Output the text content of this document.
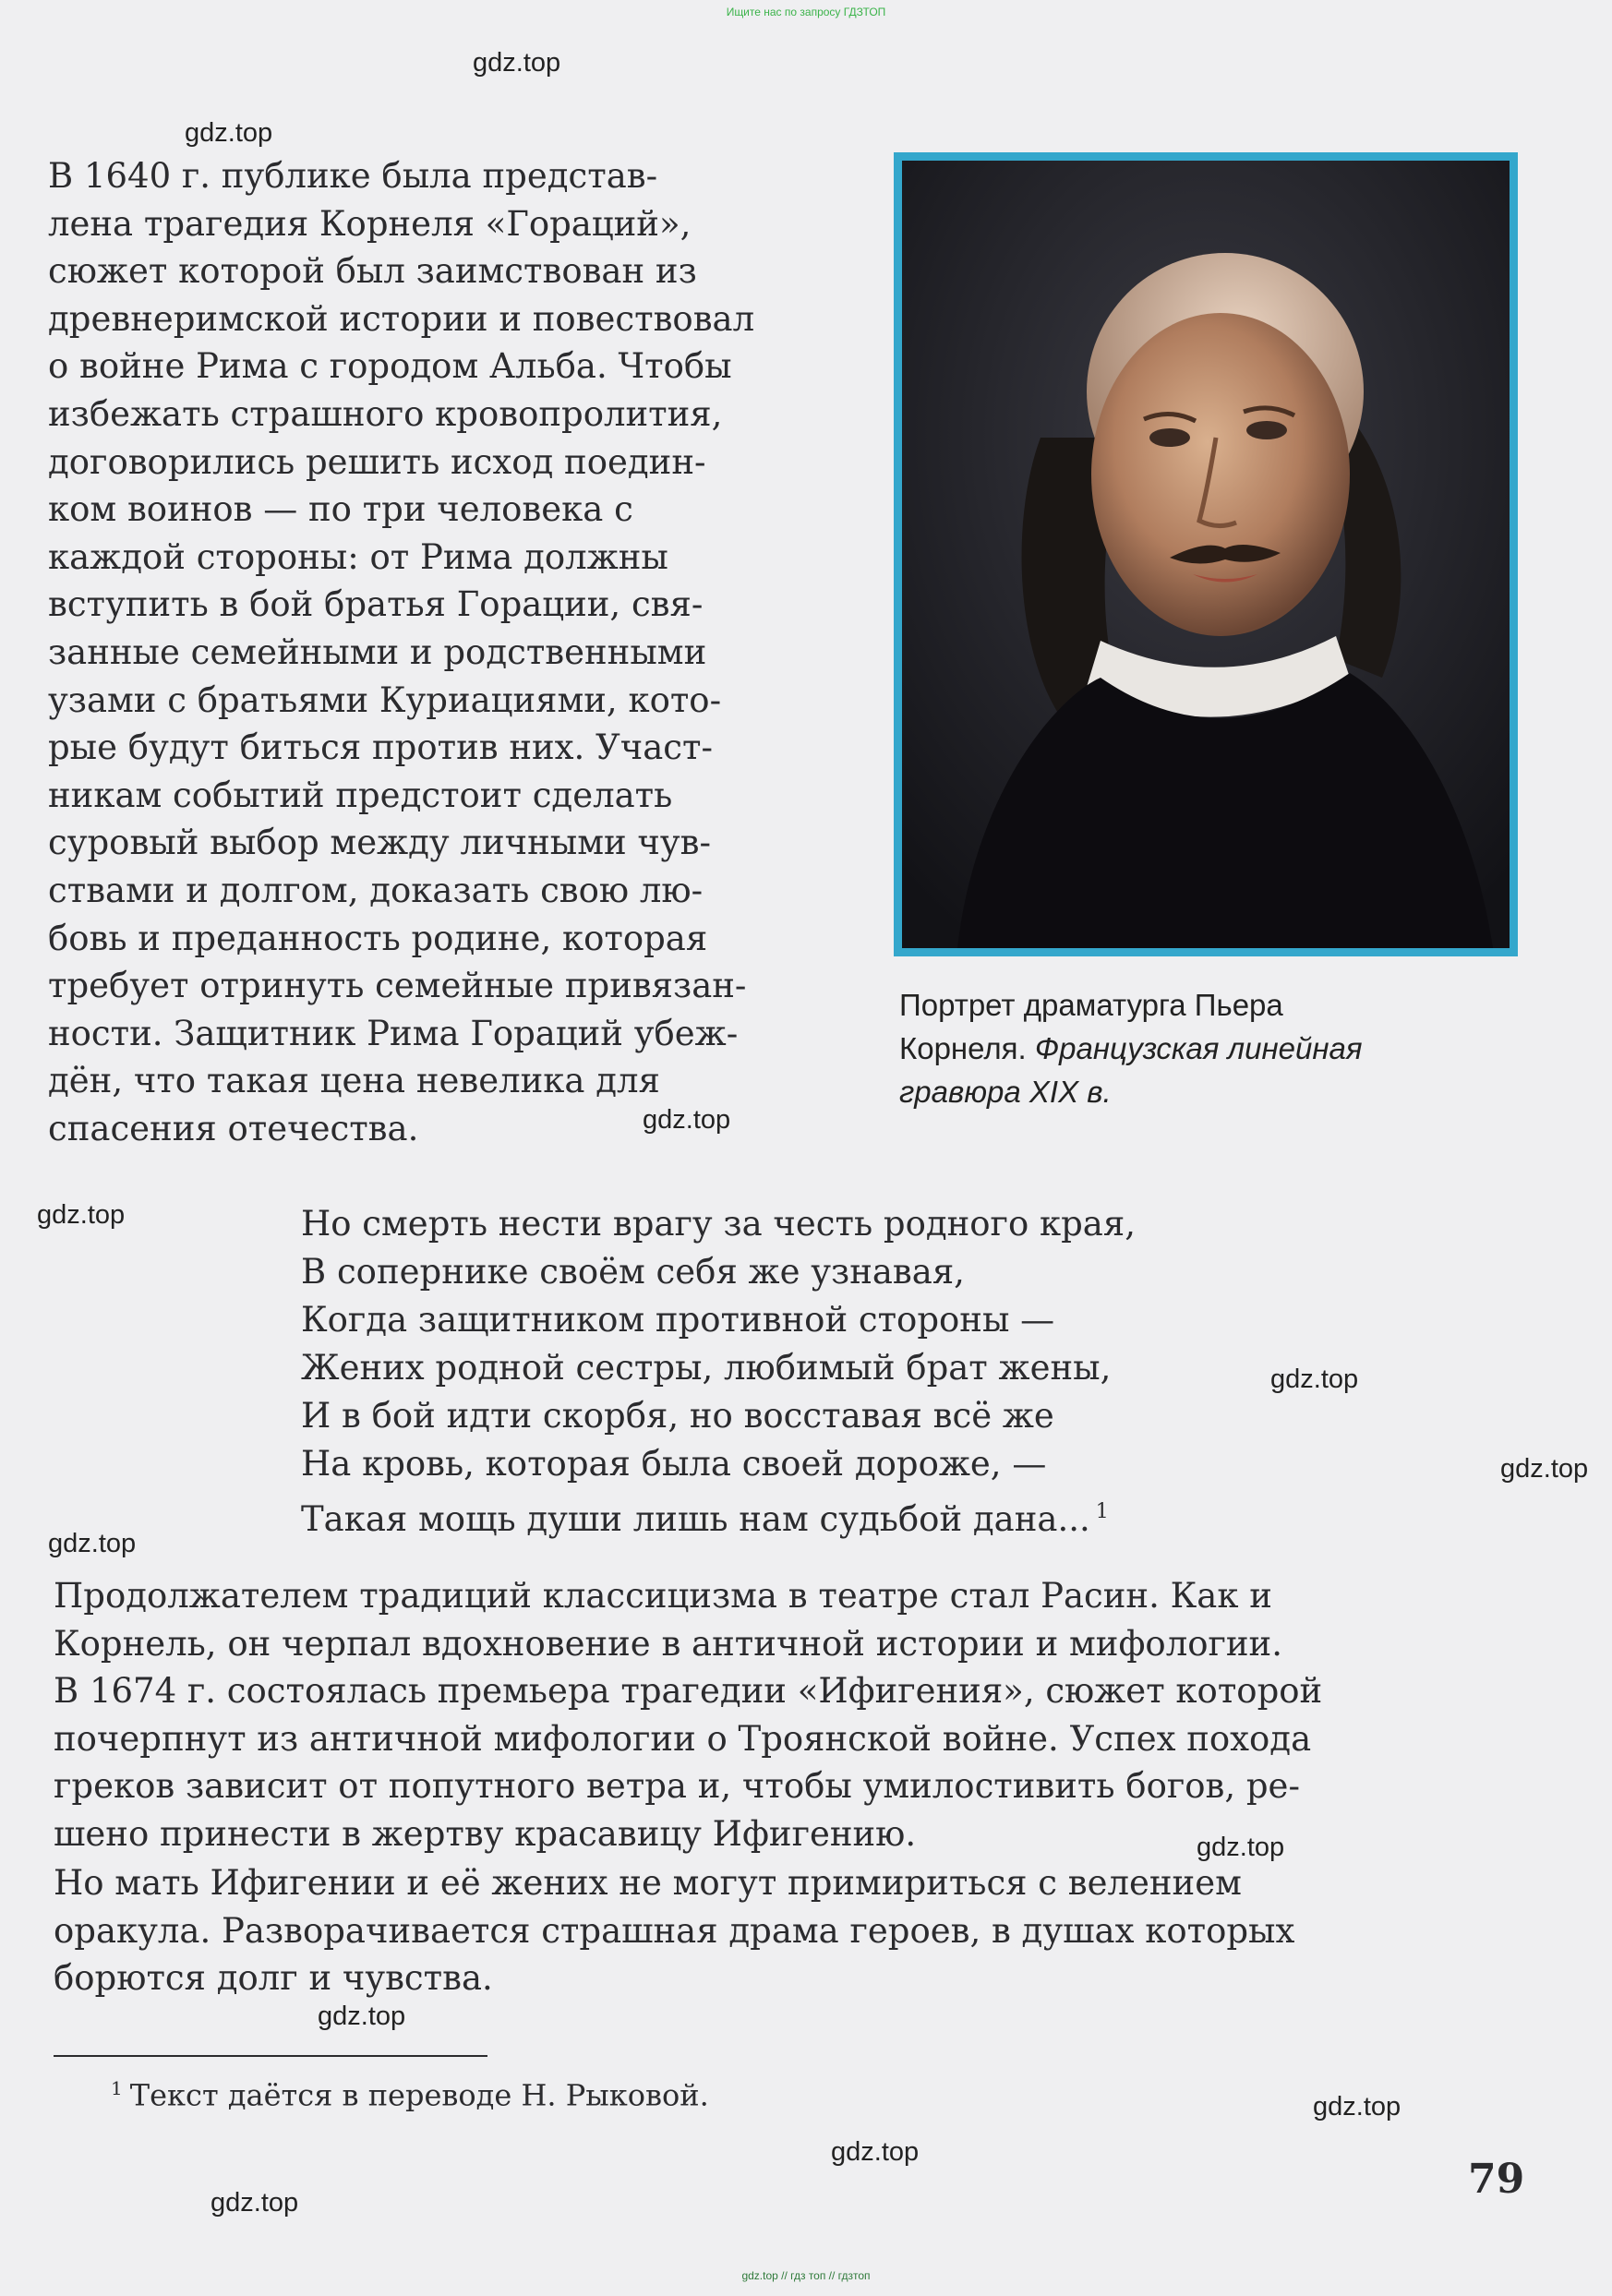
Ищите нас по запросу ГДЗТОП
gdz.top
gdz.top
gdz.top
gdz.top
gdz.top
gdz.top
gdz.top
gdz.top
gdz.top
gdz.top
gdz.top
gdz.top
В 1640 г. публике была представ-
лена трагедия Корнеля «Гораций»,
сюжет которой был заимствован из
древнеримской истории и повествовал
о войне Рима с городом Альба. Чтобы
избежать страшного кровопролития,
договорились решить исход поедин-
ком воинов — по три человека с
каждой стороны: от Рима должны
вступить в бой братья Горации, свя-
занные семейными и родственными
узами с братьями Куриациями, кото-
рые будут биться против них. Участ-
никам событий предстоит сделать
суровый выбор между личными чув-
ствами и долгом, доказать свою лю-
бовь и преданность родине, которая
требует отринуть семейные привязан-
ности. Защитник Рима Гораций убеж-
дён, что такая цена невелика для
спасения отечества.
Портрет драматурга Пьера
Корнеля. Французская линейная
гравюра XIX в.
Но смерть нести врагу за честь родного края,
В сопернике своём себя же узнавая,
Когда защитником противной стороны —
Жених родной сестры, любимый брат жены,
И в бой идти скорбя, но восставая всё же
На кровь, которая была своей дороже, —
Такая мощь души лишь нам судьбой дана... $^1$
Продолжателем традиций классицизма в театре стал Расин. Как и
Корнель, он черпал вдохновение в античной истории и мифологии.
В 1674 г. состоялась премьера трагедии «Ифигения», сюжет которой
почерпнут из античной мифологии о Троянской войне. Успех похода
греков зависит от попутного ветра и, чтобы умилостивить богов, ре-
шено принести в жертву красавицу Ифигению.
Но мать Ифигении и её жених не могут примириться с велением
оракула. Разворачивается страшная драма героев, в душах которых
борются долг и чувства.
$^1$ Текст даётся в переводе Н. Рыковой.
79
gdz.top // гдз топ // гдзтоп
